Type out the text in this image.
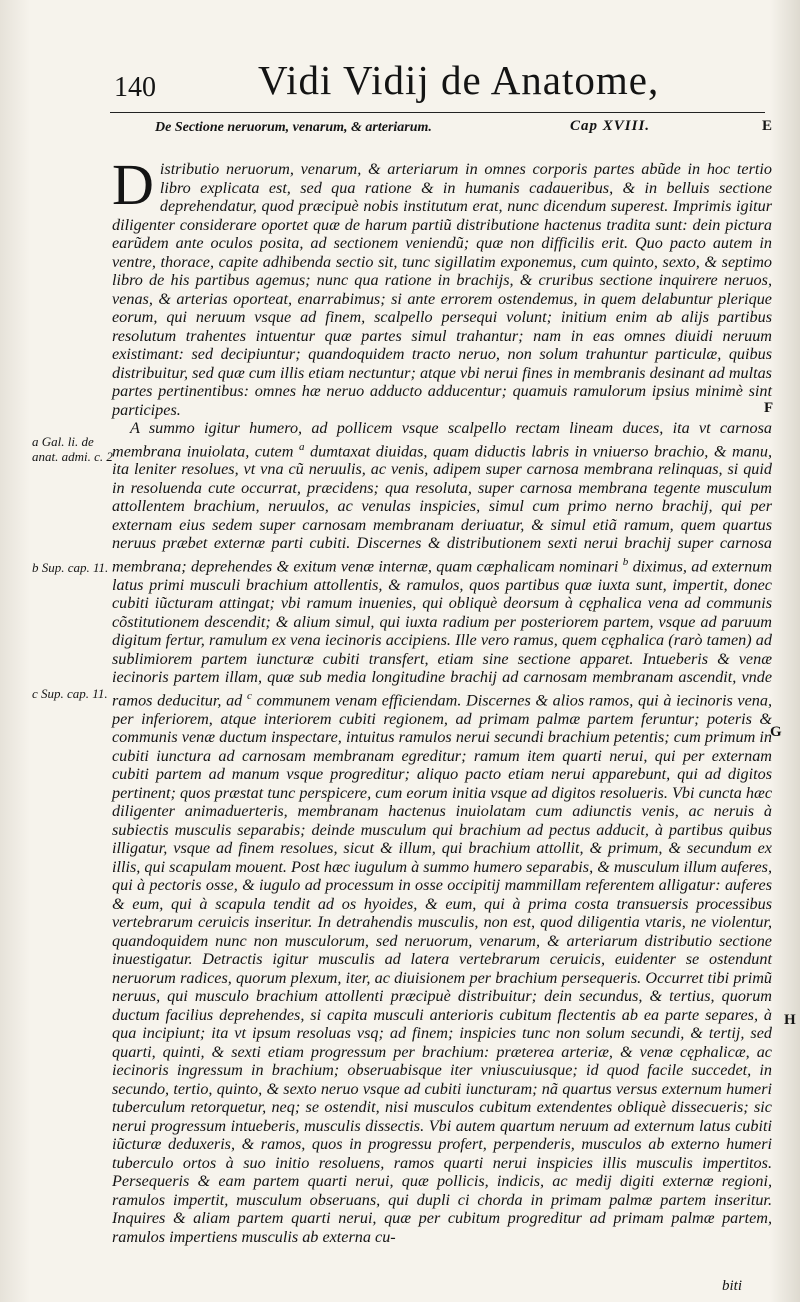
140 Vidi Vidij de Anatome,
De Sectione neruorum, venarum, & arteriarum.	Cap XVIII.	E
F
G
H
a Gal. li. de anat. admi. c. 2
b Sup. cap. 11.
c Sup. cap. 11.

Distributio neruorum, venarum, & arteriarum in omnes corporis partes abũde in hoc tertio libro explicata est, sed qua ratione & in humanis cadaueribus, & in belluis sectione deprehendatur, quod præcipuè nobis institutum erat, nunc dicendum superest. Imprimis igitur diligenter considerare oportet quæ de harum partiũ distributione hactenus tradita sunt: dein pictura earũdem ante oculos posita, ad sectionem veniendũ; quæ non difficilis erit. Quo pacto autem in ventre, thorace, capite adhibenda sectio sit, tunc sigillatim exponemus, cum quinto, sexto, & septimo libro de his partibus agemus; nunc qua ratione in brachijs, & cruribus sectione inquirere neruos, venas, & arterias oporteat, enarrabimus; si ante errorem ostendemus, in quem delabuntur plerique eorum, qui neruum vsque ad finem, scalpello persequi volunt; initium enim ab alijs partibus resolutum trahentes intuentur quæ partes simul trahantur; nam in eas omnes diuidi neruum existimant: sed decipiuntur; quandoquidem tracto neruo, non solum trahuntur particulæ, quibus distribuitur, sed quæ cum illis etiam nectuntur; atque vbi nerui fines in membranis desinant ad multas partes pertinentibus: omnes hæ neruo adducto adducentur; quamuis ramulorum ipsius minimè sint participes.

A summo igitur humero, ad pollicem vsque scalpello rectam lineam duces, ita vt carnosa membrana inuiolata, cutem $^a$ dumtaxat diuidas, quam diductis labris in vniuerso brachio, & manu, ita leniter resolues, vt vna cũ neruulis, ac venis, adipem super carnosa membrana relinquas, si quid in resoluenda cute occurrat, præcidens; qua resoluta, super carnosa membrana tegente musculum attollentem brachium, neruulos, ac venulas inspicies, simul cum primo nerno brachij, qui per externam eius sedem super carnosam membranam deriuatur, & simul etiã ramum, quem quartus neruus præbet externæ parti cubiti. Discernes & distributionem sexti nerui brachij super carnosa membrana; deprehendes & exitum venæ internæ, quam cæphalicam nominari $^b$ diximus, ad externum latus primi musculi brachium attollentis, & ramulos, quos partibus quæ iuxta sunt, impertit, donec cubiti iũcturam attingat; vbi ramum inuenies, qui obliquè deorsum à cęphalica vena ad communis cõstitutionem descendit; & alium simul, qui iuxta radium per posteriorem partem, vsque ad paruum digitum fertur, ramulum ex vena iecinoris accipiens. Ille vero ramus, quem cęphalica (rarò tamen) ad sublimiorem partem iuncturæ cubiti transfert, etiam sine sectione apparet. Intueberis & venæ iecinoris partem illam, quæ sub media longitudine brachij ad carnosam membranam ascendit, vnde ramos deducitur, ad $^c$ communem venam efficiendam. Discernes & alios ramos, qui à iecinoris vena, per inferiorem, atque interiorem cubiti regionem, ad primam palmæ partem feruntur; poteris & communis venæ ductum inspectare, intuitus ramulos nerui secundi brachium petentis; cum primum in cubiti iunctura ad carnosam membranam egreditur; ramum item quarti nerui, qui per externam cubiti partem ad manum vsque progreditur; aliquo pacto etiam nerui apparebunt, qui ad digitos pertinent; quos præstat tunc perspicere, cum eorum initia vsque ad digitos resolueris. Vbi cuncta hæc diligenter animaduerteris, membranam hactenus inuiolatam cum adiunctis venis, ac neruis à subiectis musculis separabis; deinde musculum qui brachium ad pectus adducit, à partibus quibus illigatur, vsque ad finem resolues, sicut & illum, qui brachium attollit, & primum, & secundum ex illis, qui scapulam mouent. Post hæc iugulum à summo humero separabis, & musculum illum auferes, qui à pectoris osse, & iugulo ad processum in osse occipitij mammillam referentem alligatur: auferes & eum, qui à scapula tendit ad os hyoides, & eum, qui à prima costa transuersis processibus vertebrarum ceruicis inseritur. In detrahendis musculis, non est, quod diligentia vtaris, ne violentur, quandoquidem nunc non musculorum, sed neruorum, venarum, & arteriarum distributio sectione inuestigatur. Detractis igitur musculis ad latera vertebrarum ceruicis, euidenter se ostendunt neruorum radices, quorum plexum, iter, ac diuisionem per brachium persequeris. Occurret tibi primũ neruus, qui musculo brachium attollenti præcipuè distribuitur; dein secundus, & tertius, quorum ductum facilius deprehendes, si capita musculi anterioris cubitum flectentis ab ea parte separes, à qua incipiunt; ita vt ipsum resoluas vsq; ad finem; inspicies tunc non solum secundi, & tertij, sed quarti, quinti, & sexti etiam progressum per brachium: præterea arteriæ, & venæ cęphalicæ, ac iecinoris ingressum in brachium; obseruabisque iter vniuscuiusque; id quod facile succedet, in secundo, tertio, quinto, & sexto neruo vsque ad cubiti iuncturam; nã quartus versus externum humeri tuberculum retorquetur, neq; se ostendit, nisi musculos cubitum extendentes obliquè dissecueris; sic nerui progressum intueberis, musculis dissectis. Vbi autem quartum neruum ad externum latus cubiti iũcturæ deduxeris, & ramos, quos in progressu profert, perpenderis, musculos ab externo humeri tuberculo ortos à suo initio resoluens, ramos quarti nerui inspicies illis musculis impertitos. Persequeris & eam partem quarti nerui, quæ pollicis, indicis, ac medij digiti externæ regioni, ramulos impertit, musculum obseruans, qui dupli ci chorda in primam palmæ partem inseritur. Inquires & aliam partem quarti nerui, quæ per cubitum progreditur ad primam palmæ partem, ramulos impertiens musculis ab externa cu-

biti
